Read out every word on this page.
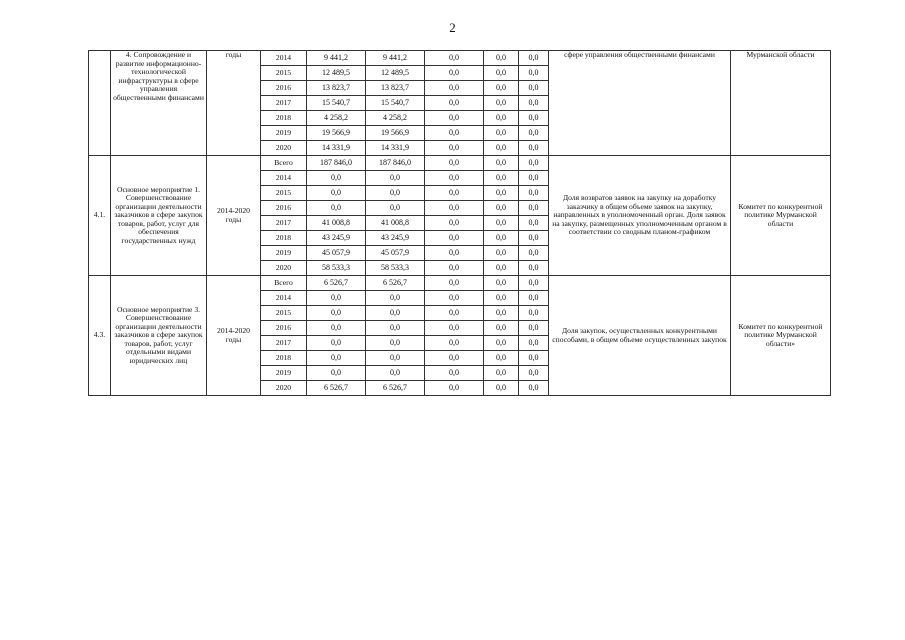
2
	4. Сопровождение и развитие информационно-технологической инфраструктуры в сфере управления общественными финансами	годы	2014	9 441,2	9 441,2	0,0	0,0	0,0	сфере управления общественными финансами	Мурманской области
			2015	12 489,5	12 489,5	0,0	0,0	0,0		
			2016	13 823,7	13 823,7	0,0	0,0	0,0		
			2017	15 540,7	15 540,7	0,0	0,0	0,0		
			2018	4 258,2	4 258,2	0,0	0,0	0,0		
			2019	19 566,9	19 566,9	0,0	0,0	0,0		
			2020	14 331,9	14 331,9	0,0	0,0	0,0		
4.1.	Основное мероприятие 1. Совершенствование организации деятельности заказчиков в сфере закупок товаров, работ, услуг для обеспечения государственных нужд	2014-2020 годы	Всего	187 846,0	187 846,0	0,0	0,0	0,0	Доля возвратов заявок на закупку на доработку заказчику в общем объеме заявок на закупку, направленных в уполномоченный орган. Доля заявок на закупку, размещенных уполномоченным органом в соответствии со сводным планом-графиком	Комитет по конкурентной политике Мурманской области
			2014	0,0	0,0	0,0	0,0	0,0		
			2015	0,0	0,0	0,0	0,0	0,0		
			2016	0,0	0,0	0,0	0,0	0,0		
			2017	41 008,8	41 008,8	0,0	0,0	0,0		
			2018	43 245,9	43 245,9	0,0	0,0	0,0		
			2019	45 057,9	45 057,9	0,0	0,0	0,0		
			2020	58 533,3	58 533,3	0,0	0,0	0,0		
4.3.	Основное мероприятие 3. Совершенствование организации деятельности заказчиков в сфере закупок товаров, работ, услуг отдельными видами юридических лиц	2014-2020 годы	Всего	6 526,7	6 526,7	0,0	0,0	0,0	Доля закупок, осуществленных конкурентными способами, в общем объеме осуществленных закупок	Комитет по конкурентной политике Мурманской области»
			2014	0,0	0,0	0,0	0,0	0,0		
			2015	0,0	0,0	0,0	0,0	0,0		
			2016	0,0	0,0	0,0	0,0	0,0		
			2017	0,0	0,0	0,0	0,0	0,0		
			2018	0,0	0,0	0,0	0,0	0,0		
			2019	0,0	0,0	0,0	0,0	0,0		
			2020	6 526,7	6 526,7	0,0	0,0	0,0		
